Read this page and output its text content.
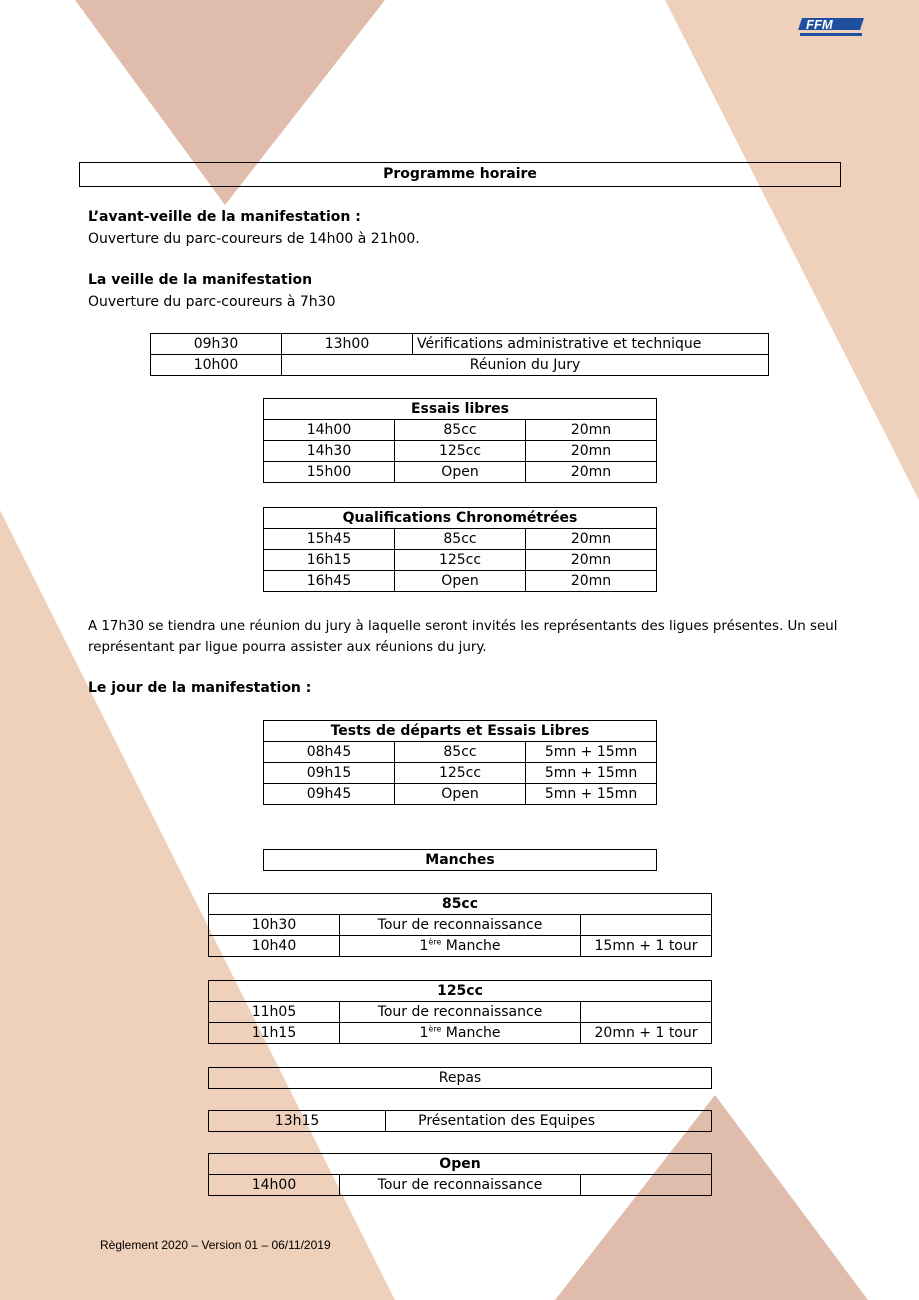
FFM
Programme horaire
L’avant-veille de la manifestation :
Ouverture du parc-coureurs de 14h00 à 21h00.
La veille de la manifestation
Ouverture du parc-coureurs à 7h30
09h30	13h00	Vérifications administrative et technique
10h00	Réunion du Jury	
Essais libres		
14h00	85cc	20mn
14h30	125cc	20mn
15h00	Open	20mn
Qualifications Chronométrées		
15h45	85cc	20mn
16h15	125cc	20mn
16h45	Open	20mn
A 17h30 se tiendra une réunion du jury à laquelle seront invités les représentants des ligues présentes. Un seul représentant par ligue pourra assister aux réunions du jury.
Le jour de la manifestation :
Tests de départs et Essais Libres		
08h45	85cc	5mn + 15mn
09h15	125cc	5mn + 15mn
09h45	Open	5mn + 15mn
Manches
85cc		
10h30	Tour de reconnaissance	
10h40	1ère Manche	15mn + 1 tour
125cc		
11h05	Tour de reconnaissance	
11h15	1ère Manche	20mn + 1 tour
Repas
13h15	Présentation des Equipes
Open
14h00	Tour de reconnaissance	
Règlement 2020 – Version 01 – 06/11/2019
